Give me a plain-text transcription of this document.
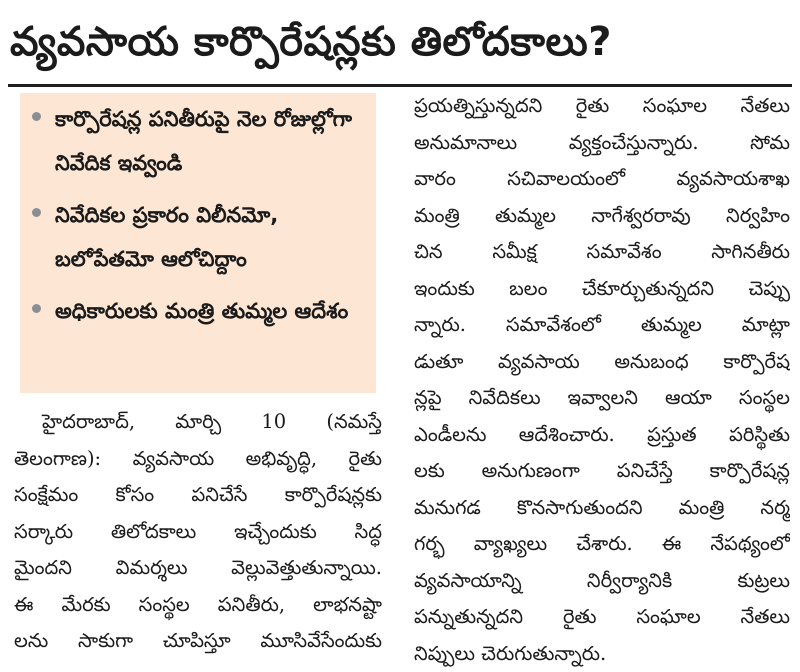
వ్యవసాయ కార్పొరేషన్లకు తిలోదకాలు?
కార్పొరేషన్ల పనితీరుపై నెల రోజుల్లోగా నివేదిక ఇవ్వండి
నివేదికల ప్రకారం విలీనమో, బలోపేతమో ఆలోచిద్దాం
అధికారులకు మంత్రి తుమ్మల ఆదేశం
హైదరాబాద్, మార్చి 10 (నమస్తే
తెలంగాణ): వ్యవసాయ అభివృద్ధి, రైతు
సంక్షేమం కోసం పనిచేసే కార్పొరేషన్లకు
సర్కారు తిలోదకాలు ఇచ్చేందుకు సిద్ధ
మైందని విమర్శలు వెల్లువెత్తుతున్నాయి.
ఈ మేరకు సంస్థల పనితీరు, లాభనష్టా
లను సాకుగా చూపిస్తూ మూసివేసేందుకు
ప్రయత్నిస్తున్నదని రైతు సంఘాల నేతలు
అనుమానాలు వ్యక్తంచేస్తున్నారు. సోమ
వారం సచివాలయంలో వ్యవసాయశాఖ
మంత్రి తుమ్మల నాగేశ్వరరావు నిర్వహిం
చిన సమీక్ష సమావేశం సాగినతీరు
ఇందుకు బలం చేకూర్చుతున్నదని చెప్పు
న్నారు. సమావేశంలో తుమ్మల మాట్లా
డుతూ వ్యవసాయ అనుబంధ కార్పొరేష
న్లపై నివేదికలు ఇవ్వాలని ఆయా సంస్థల
ఎండీలను ఆదేశించారు. ప్రస్తుత పరిస్థితు
లకు అనుగుణంగా పనిచేస్తే కార్పొరేషన్ల
మనుగడ కొనసాగుతుందని మంత్రి నర్మ
గర్భ వ్యాఖ్యలు చేశారు. ఈ నేపథ్యంలో
వ్యవసాయాన్ని నిర్వీర్యానికి కుట్రలు
పన్నుతున్నదని రైతు సంఘాల నేతలు
నిప్పులు చెరుగుతున్నారు.
